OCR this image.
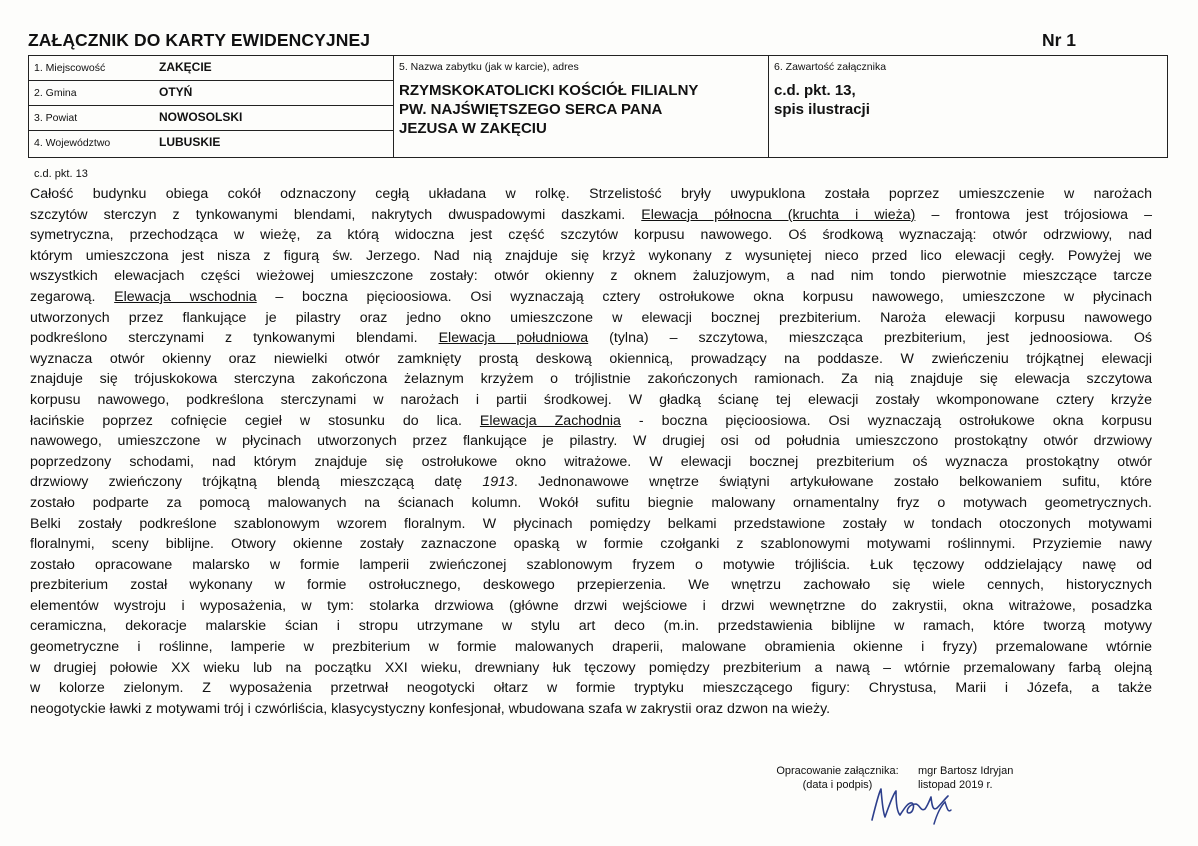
ZAŁĄCZNIK DO KARTY EWIDENCYJNEJ	Nr 1
1. Miejscowość	ZAKĘCIE
2. Gmina	OTYŃ
3. Powiat	NOWOSOLSKI
4. Województwo	LUBUSKIE
5. Nazwa zabytku (jak w karcie), adres
RZYMSKOKATOLICKI KOŚCIÓŁ FILIALNY
PW. NAJŚWIĘTSZEGO SERCA PANA
JEZUSA W ZAKĘCIU
6. Zawartość załącznika
c.d. pkt. 13,
spis ilustracji
c.d. pkt. 13
Całość budynku obiega cokół odznaczony cegłą układana w rolkę. Strzelistość bryły uwypuklona została poprzez umieszczenie w narożach
szczytów sterczyn z tynkowanymi blendami, nakrytych dwuspadowymi daszkami. Elewacja północna (kruchta i wieża) – frontowa jest trójosiowa –
symetryczna, przechodząca w wieżę, za którą widoczna jest część szczytów korpusu nawowego. Oś środkową wyznaczają: otwór odrzwiowy, nad
którym umieszczona jest nisza z figurą św. Jerzego. Nad nią znajduje się krzyż wykonany z wysuniętej nieco przed lico elewacji cegły. Powyżej we
wszystkich elewacjach części wieżowej umieszczone zostały: otwór okienny z oknem żaluzjowym, a nad nim tondo pierwotnie mieszczące tarcze
zegarową. Elewacja wschodnia – boczna pięcioosiowa. Osi wyznaczają cztery ostrołukowe okna korpusu nawowego, umieszczone w płycinach
utworzonych przez flankujące je pilastry oraz jedno okno umieszczone w elewacji bocznej prezbiterium. Naroża elewacji korpusu nawowego
podkreślono sterczynami z tynkowanymi blendami. Elewacja południowa (tylna) – szczytowa, mieszcząca prezbiterium, jest jednoosiowa. Oś
wyznacza otwór okienny oraz niewielki otwór zamknięty prostą deskową okiennicą, prowadzący na poddasze. W zwieńczeniu trójkątnej elewacji
znajduje się trójuskokowa sterczyna zakończona żelaznym krzyżem o trójlistnie zakończonych ramionach. Za nią znajduje się elewacja szczytowa
korpusu nawowego, podkreślona sterczynami w narożach i partii środkowej. W gładką ścianę tej elewacji zostały wkomponowane cztery krzyże
łacińskie poprzez cofnięcie cegieł w stosunku do lica. Elewacja Zachodnia - boczna pięcioosiowa. Osi wyznaczają ostrołukowe okna korpusu
nawowego, umieszczone w płycinach utworzonych przez flankujące je pilastry. W drugiej osi od południa umieszczono prostokątny otwór drzwiowy
poprzedzony schodami, nad którym znajduje się ostrołukowe okno witrażowe. W elewacji bocznej prezbiterium oś wyznacza prostokątny otwór
drzwiowy zwieńczony trójkątną blendą mieszczącą datę 1913. Jednonawowe wnętrze świątyni artykułowane zostało belkowaniem sufitu, które
zostało podparte za pomocą malowanych na ścianach kolumn. Wokół sufitu biegnie malowany ornamentalny fryz o motywach geometrycznych.
Belki zostały podkreślone szablonowym wzorem floralnym. W płycinach pomiędzy belkami przedstawione zostały w tondach otoczonych motywami
floralnymi, sceny biblijne. Otwory okienne zostały zaznaczone opaską w formie czołganki z szablonowymi motywami roślinnymi. Przyziemie nawy
zostało opracowane malarsko w formie lamperii zwieńczonej szablonowym fryzem o motywie trójliścia. Łuk tęczowy oddzielający nawę od
prezbiterium został wykonany w formie ostrołucznego, deskowego przepierzenia. We wnętrzu zachowało się wiele cennych, historycznych
elementów wystroju i wyposażenia, w tym: stolarka drzwiowa (główne drzwi wejściowe i drzwi wewnętrzne do zakrystii, okna witrażowe, posadzka
ceramiczna, dekoracje malarskie ścian i stropu utrzymane w stylu art deco (m.in. przedstawienia biblijne w ramach, które tworzą motywy
geometryczne i roślinne, lamperie w prezbiterium w formie malowanych draperii, malowane obramienia okienne i fryzy) przemalowane wtórnie
w drugiej połowie XX wieku lub na początku XXI wieku, drewniany łuk tęczowy pomiędzy prezbiterium a nawą – wtórnie przemalowany farbą olejną
w kolorze zielonym. Z wyposażenia przetrwał neogotycki ołtarz w formie tryptyku mieszczącego figury: Chrystusa, Marii i Józefa, a także
neogotyckie ławki z motywami trój i czwórliścia, klasycystyczny konfesjonał, wbudowana szafa w zakrystii oraz dzwon na wieży.
Opracowanie załącznika:
(data i podpis)
mgr Bartosz Idryjan
listopad 2019 r.
